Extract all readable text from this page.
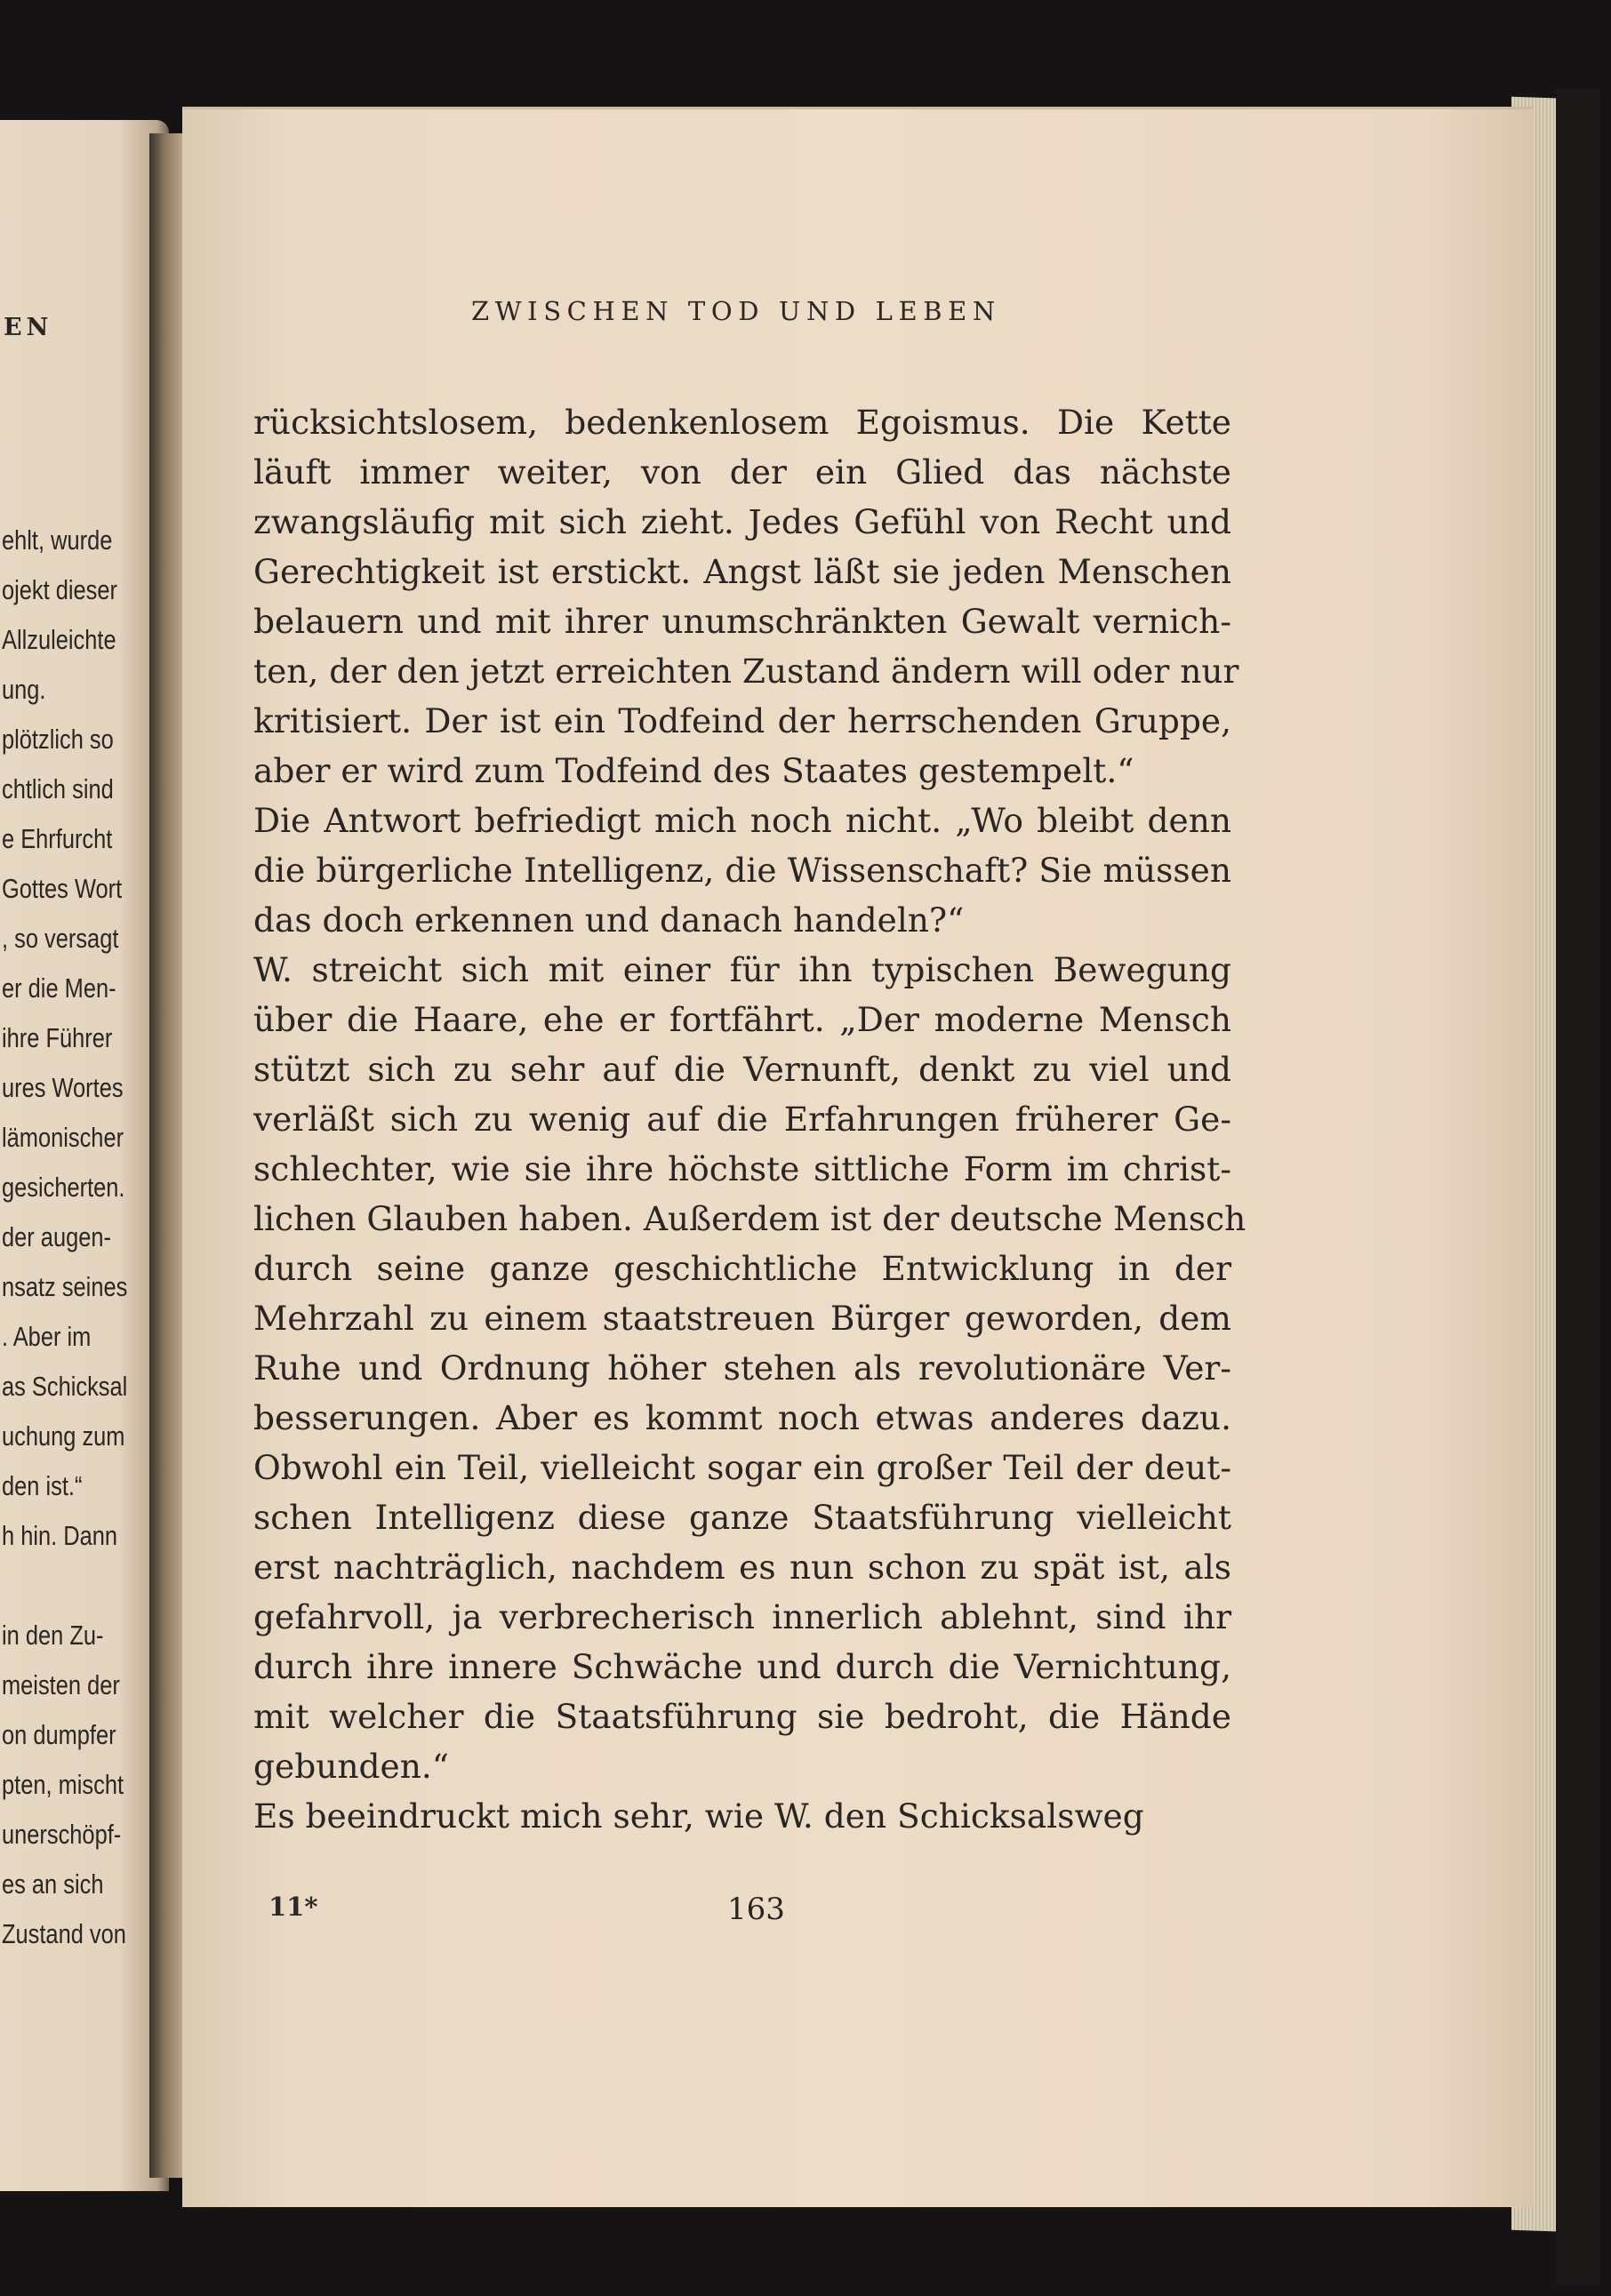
EN
ehlt, wurde
ojekt dieser
Allzuleichte
ung.
plötzlich so
chtlich sind
e Ehrfurcht
Gottes Wort
, so versagt
er die Men-
ihre Führer
ures Wortes
lämonischer
gesicherten.
der augen-
nsatz seines
. Aber im
as Schicksal
uchung zum
den ist.“
h hin. Dann
in den Zu-
meisten der
on dumpfer
pten, mischt
unerschöpf-
es an sich
Zustand von
ZWISCHEN TOD UND LEBEN
rücksichtslosem, bedenkenlosem Egoismus. Die Kette
läuft immer weiter, von der ein Glied das nächste
zwangsläufig mit sich zieht. Jedes Gefühl von Recht und
Gerechtigkeit ist erstickt. Angst läßt sie jeden Menschen
belauern und mit ihrer unumschränkten Gewalt vernich-
ten, der den jetzt erreichten Zustand ändern will oder nur
kritisiert. Der ist ein Todfeind der herrschenden Gruppe,
aber er wird zum Todfeind des Staates gestempelt.“
Die Antwort befriedigt mich noch nicht. „Wo bleibt denn
die bürgerliche Intelligenz, die Wissenschaft? Sie müssen
das doch erkennen und danach handeln?“
W. streicht sich mit einer für ihn typischen Bewegung
über die Haare, ehe er fortfährt. „Der moderne Mensch
stützt sich zu sehr auf die Vernunft, denkt zu viel und
verläßt sich zu wenig auf die Erfahrungen früherer Ge-
schlechter, wie sie ihre höchste sittliche Form im christ-
lichen Glauben haben. Außerdem ist der deutsche Mensch
durch seine ganze geschichtliche Entwicklung in der
Mehrzahl zu einem staatstreuen Bürger geworden, dem
Ruhe und Ordnung höher stehen als revolutionäre Ver-
besserungen. Aber es kommt noch etwas anderes dazu.
Obwohl ein Teil, vielleicht sogar ein großer Teil der deut-
schen Intelligenz diese ganze Staatsführung vielleicht
erst nachträglich, nachdem es nun schon zu spät ist, als
gefahrvoll, ja verbrecherisch innerlich ablehnt, sind ihr
durch ihre innere Schwäche und durch die Vernichtung,
mit welcher die Staatsführung sie bedroht, die Hände
gebunden.“
Es beeindruckt mich sehr, wie W. den Schicksalsweg

11*	163
